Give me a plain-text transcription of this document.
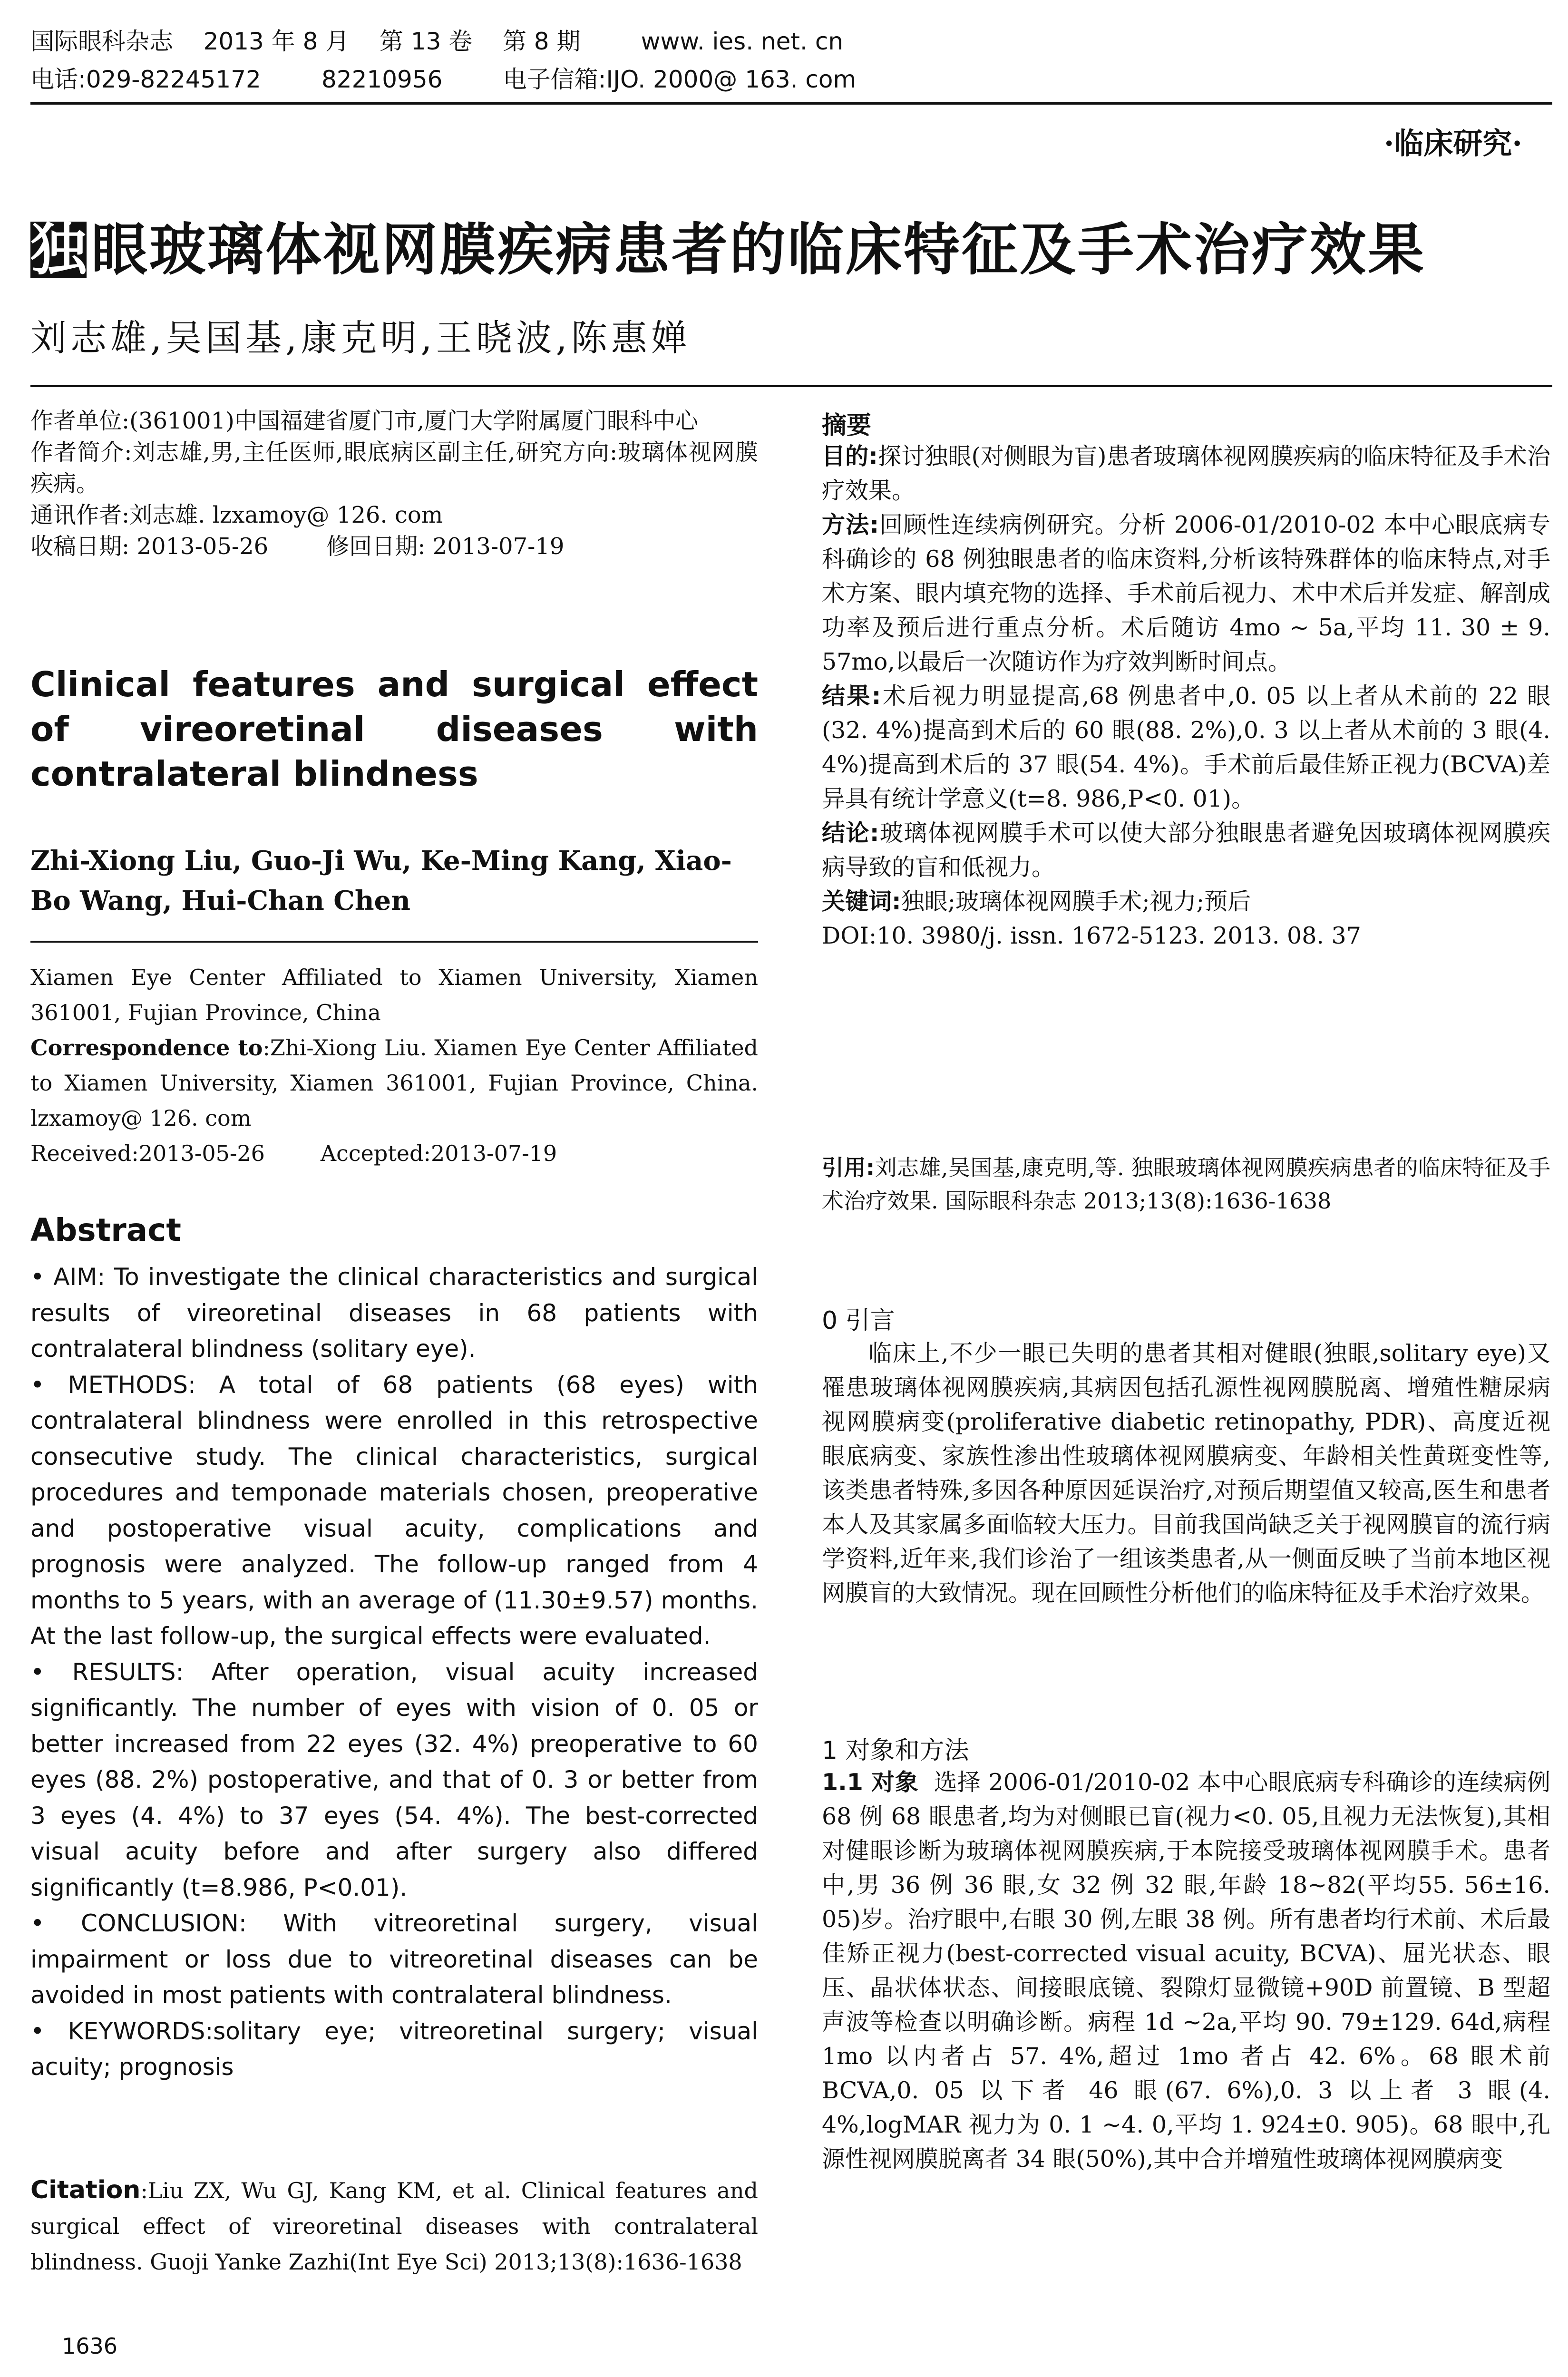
国际眼科杂志    2013 年 8 月    第 13 卷    第 8 期        www. ies. net. cn
电话:029-82245172        82210956        电子信箱:IJO. 2000@ 163. com
·临床研究·
独眼玻璃体视网膜疾病患者的临床特征及手术治疗效果
刘志雄,吴国基,康克明,王晓波,陈惠婵

作者单位:(361001)中国福建省厦门市,厦门大学附属厦门眼科中心

作者简介:刘志雄,男,主任医师,眼底病区副主任,研究方向:玻璃体视网膜疾病。

通讯作者:刘志雄. lzxamoy@ 126. com

收稿日期: 2013-05-26        修回日期: 2013-07-19

Clinical features and surgical effect of vireoretinal diseases with contralateral blindness
Zhi-Xiong Liu, Guo-Ji Wu, Ke-Ming Kang, Xiao-Bo Wang, Hui-Chan Chen

Xiamen Eye Center Affiliated to Xiamen University, Xiamen 361001, Fujian Province, China

Correspondence to:Zhi-Xiong Liu. Xiamen Eye Center Affiliated to Xiamen University, Xiamen 361001, Fujian Province, China. lzxamoy@ 126. com

Received:2013-05-26        Accepted:2013-07-19

Abstract

• AIM: To investigate the clinical characteristics and surgical results of vireoretinal diseases in 68 patients with contralateral blindness (solitary eye).

• METHODS: A total of 68 patients (68 eyes) with contralateral blindness were enrolled in this retrospective consecutive study. The clinical characteristics, surgical procedures and temponade materials chosen, preoperative and postoperative visual acuity, complications and prognosis were analyzed. The follow-up ranged from 4 months to 5 years, with an average of (11.30±9.57) months. At the last follow-up, the surgical effects were evaluated.

• RESULTS: After operation, visual acuity increased significantly. The number of eyes with vision of 0. 05 or better increased from 22 eyes (32. 4%) preoperative to 60 eyes (88. 2%) postoperative, and that of 0. 3 or better from 3 eyes (4. 4%) to 37 eyes (54. 4%). The best-corrected visual acuity before and after surgery also differed significantly (t=8.986, P<0.01).

• CONCLUSION: With vitreoretinal surgery, visual impairment or loss due to vitreoretinal diseases can be avoided in most patients with contralateral blindness.

• KEYWORDS:solitary eye; vitreoretinal surgery; visual acuity; prognosis

Citation:Liu ZX, Wu GJ, Kang KM, et al. Clinical features and surgical effect of vireoretinal diseases with contralateral blindness. Guoji Yanke Zazhi(Int Eye Sci) 2013;13(8):1636-1638
1636
摘要

目的:探讨独眼(对侧眼为盲)患者玻璃体视网膜疾病的临床特征及手术治疗效果。

方法:回顾性连续病例研究。分析 2006-01/2010-02 本中心眼底病专科确诊的 68 例独眼患者的临床资料,分析该特殊群体的临床特点,对手术方案、眼内填充物的选择、手术前后视力、术中术后并发症、解剖成功率及预后进行重点分析。术后随访 4mo ~ 5a,平均 11. 30 ± 9. 57mo,以最后一次随访作为疗效判断时间点。

结果:术后视力明显提高,68 例患者中,0. 05 以上者从术前的 22 眼(32. 4%)提高到术后的 60 眼(88. 2%),0. 3 以上者从术前的 3 眼(4. 4%)提高到术后的 37 眼(54. 4%)。手术前后最佳矫正视力(BCVA)差异具有统计学意义(t=8. 986,P<0. 01)。

结论:玻璃体视网膜手术可以使大部分独眼患者避免因玻璃体视网膜疾病导致的盲和低视力。

关键词:独眼;玻璃体视网膜手术;视力;预后

DOI:10. 3980/j. issn. 1672-5123. 2013. 08. 37

引用:刘志雄,吴国基,康克明,等. 独眼玻璃体视网膜疾病患者的临床特征及手术治疗效果. 国际眼科杂志 2013;13(8):1636-1638

0 引言

临床上,不少一眼已失明的患者其相对健眼(独眼,solitary eye)又罹患玻璃体视网膜疾病,其病因包括孔源性视网膜脱离、增殖性糖尿病视网膜病变(proliferative diabetic retinopathy, PDR)、高度近视眼底病变、家族性渗出性玻璃体视网膜病变、年龄相关性黄斑变性等,该类患者特殊,多因各种原因延误治疗,对预后期望值又较高,医生和患者本人及其家属多面临较大压力。目前我国尚缺乏关于视网膜盲的流行病学资料,近年来,我们诊治了一组该类患者,从一侧面反映了当前本地区视网膜盲的大致情况。现在回顾性分析他们的临床特征及手术治疗效果。

1 对象和方法

1.1 对象 选择 2006-01/2010-02 本中心眼底病专科确诊的连续病例 68 例 68 眼患者,均为对侧眼已盲(视力<0. 05,且视力无法恢复),其相对健眼诊断为玻璃体视网膜疾病,于本院接受玻璃体视网膜手术。患者中,男 36 例 36 眼,女 32 例 32 眼,年龄 18~82(平均55. 56±16. 05)岁。治疗眼中,右眼 30 例,左眼 38 例。所有患者均行术前、术后最佳矫正视力(best-corrected visual acuity, BCVA)、屈光状态、眼压、晶状体状态、间接眼底镜、裂隙灯显微镜+90D 前置镜、B 型超声波等检查以明确诊断。病程 1d ~2a,平均 90. 79±129. 64d,病程 1mo 以内者占 57. 4%,超过 1mo 者占 42. 6%。68 眼术前 BCVA,0. 05 以下者 46 眼(67. 6%),0. 3 以上者 3 眼(4. 4%,logMAR 视力为 0. 1 ~4. 0,平均 1. 924±0. 905)。68 眼中,孔源性视网膜脱离者 34 眼(50%),其中合并增殖性玻璃体视网膜病变
